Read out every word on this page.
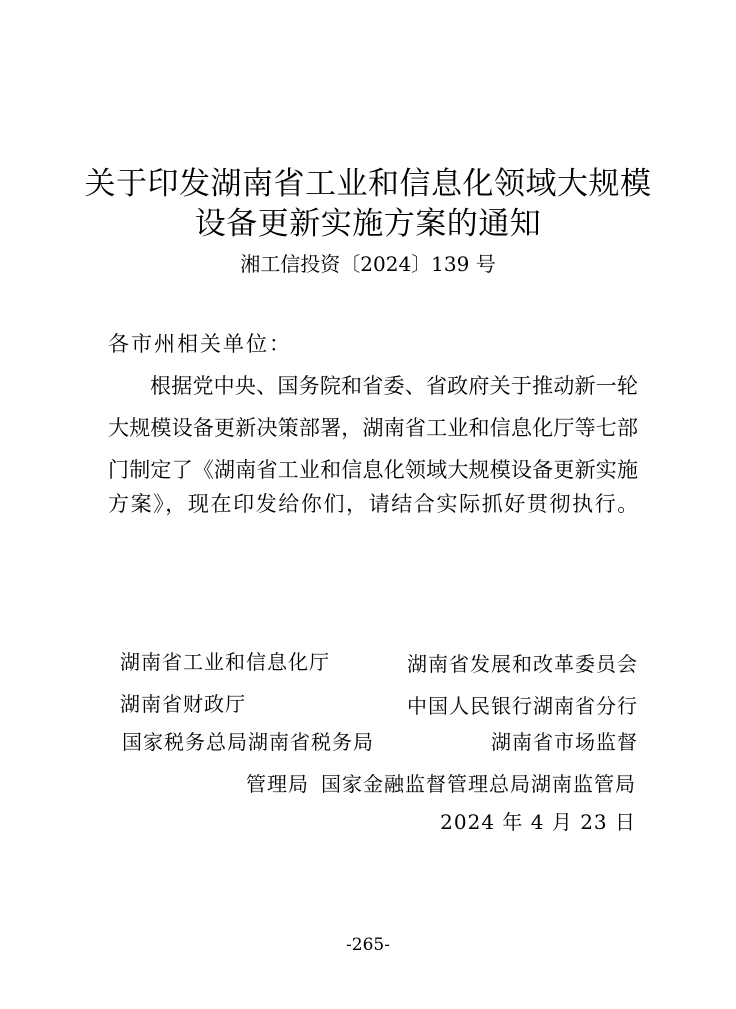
关于印发湖南省工业和信息化领域大规模
设备更新实施方案的通知
湘工信投资〔2024〕139 号
各市州相关单位：
根据党中央、国务院和省委、省政府关于推动新一轮
大规模设备更新决策部署，湖南省工业和信息化厅等七部
门制定了《湖南省工业和信息化领域大规模设备更新实施
方案》，现在印发给你们，请结合实际抓好贯彻执行。
湖南省工业和信息化厅	湖南省发展和改革委员会
湖南省财政厅	中国人民银行湖南省分行
国家税务总局湖南省税务局	湖南省市场监督
管理局 国家金融监督管理总局湖南监管局
2024 年 4 月 23 日
-265-
